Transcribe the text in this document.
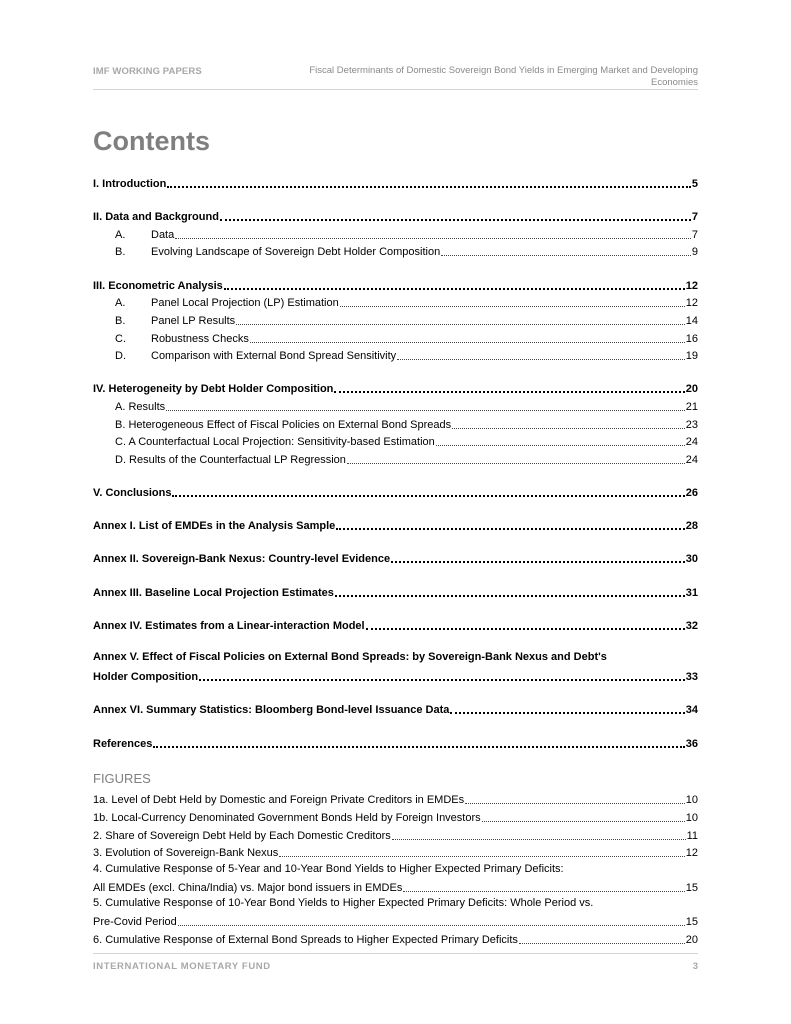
IMF WORKING PAPERS	Fiscal Determinants of Domestic Sovereign Bond Yields in Emerging Market and Developing
Economies
Contents
I. Introduction	5
II. Data and Background	7
A.	Data	7
B.	Evolving Landscape of Sovereign Debt Holder Composition	9
III. Econometric Analysis	12
A.	Panel Local Projection (LP) Estimation	12
B.	Panel LP Results	14
C.	Robustness Checks	16
D.	Comparison with External Bond Spread Sensitivity	19
IV. Heterogeneity by Debt Holder Composition	20
A. Results	21
B. Heterogeneous Effect of Fiscal Policies on External Bond Spreads	23
C. A Counterfactual Local Projection: Sensitivity-based Estimation	24
D. Results of the Counterfactual LP Regression	24
V. Conclusions	26
Annex I. List of EMDEs in the Analysis Sample	28
Annex II. Sovereign-Bank Nexus: Country-level Evidence	30
Annex III. Baseline Local Projection Estimates	31
Annex IV. Estimates from a Linear-interaction Model	32
Annex V. Effect of Fiscal Policies on External Bond Spreads: by Sovereign-Bank Nexus and Debt's
Holder Composition	33
Annex VI. Summary Statistics: Bloomberg Bond-level Issuance Data	34
References	36
FIGURES
1a. Level of Debt Held by Domestic and Foreign Private Creditors in EMDEs	10
1b. Local-Currency Denominated Government Bonds Held by Foreign Investors	10
2. Share of Sovereign Debt Held by Each Domestic Creditors	11
3. Evolution of Sovereign-Bank Nexus	12
4. Cumulative Response of 5-Year and 10-Year Bond Yields to Higher Expected Primary Deficits:
All EMDEs (excl. China/India) vs. Major bond issuers in EMDEs	15
5. Cumulative Response of 10-Year Bond Yields to Higher Expected Primary Deficits: Whole Period vs.
Pre-Covid Period	15
6. Cumulative Response of External Bond Spreads to Higher Expected Primary Deficits	20
INTERNATIONAL MONETARY FUND	3
